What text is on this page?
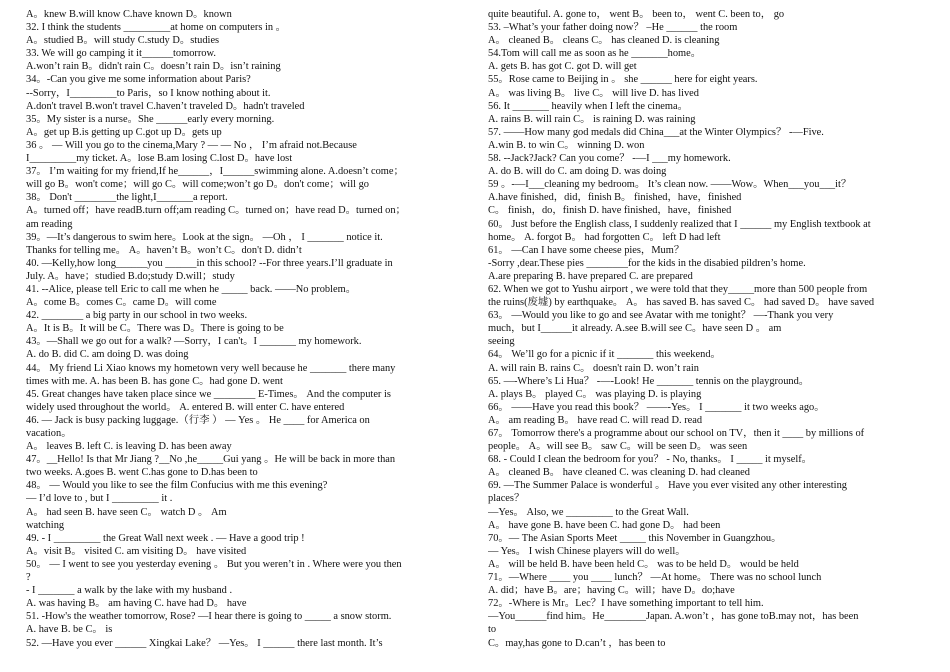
A。knew B.will know C.have known D。known
32. I think the students _________at home on computers in 。
A。studied B。will study C.study D。studies
33. We will go camping it it______tomorrow.
A.won’t rain B。didn't rain C。doesn’t rain D。isn’t raining
34。-Can you give me some information about Paris?
--Sorry，I_________to Paris，so I know nothing about it.
A.don't travel B.won't travel C.haven’t traveled D。hadn't traveled
35。My sister is a nurse。She ______early every morning.
A。get up B.is getting up C.got up D。gets up
36 。 — Will you go to the cinema,Mary ? — — No ， I’m afraid not.Because
I_________my ticket. A。lose B.am losing C.lost D。have lost
37。 I’m waiting for my friend,If he______，I______swimming alone. A.doesn’t come；
will go B。won't come；will go C。will come;won’t go D。don't come；will go
38。 Don't ________the light,I_______a report.
A。turned off；have readB.turn off;am reading C。turned on；have read D。turned on；
am reading
39。—It’s dangerous to swim here。Look at the sign。 —Oh ， I _______ notice it.
Thanks for telling me。 A。haven’t B。won’t C。don't D. didn’t
40. —Kelly,how long______you ______in this school? --For three years.I’ll graduate in
July. A。have；studied B.do;study D.will；study
41. --Alice, please tell Eric to call me when he _____ back. ——No problem。
A。come B。comes C。came D。will come
42. ________ a big party in our school in two weeks.
A。It is B。It will be C。There was D。There is going to be
43。—Shall we go out for a walk? —Sorry，I can't。I _______ my homework.
A. do B. did C. am doing D. was doing
44。 My friend Li Xiao knows my hometown very well because he _______ there many
times with me. A. has been B. has gone C。had gone D. went
45. Great changes have taken place since we ________ E-Times。 And the computer is
widely used throughout the world。 A. entered B. will enter C. have entered
46. — Jack is busy packing luggage.（行李 ） — Yes 。 He ____ for America on
vacation。
A。 leaves B. left C. is leaving D. has been away
47。__Hello! Is that Mr Jiang ?__No ,he_____Gui yang 。He will be back in more than
two weeks. A.goes B. went C.has gone to D.has been to
48。 — Would you like to see the film Confucius with me this evening?
— I’d love to , but I _________ it .
A。 had seen B. have seen C。 watch D 。 Am
watching
49. - I _________ the Great Wall next week . — Have a good trip !
A。visit B。 visited C. am visiting D。 have visited
50。 — I went to see you yesterday evening 。 But you weren’t in . Where were you then
?
- I _______ a walk by the lake with my husband .
A. was having B。 am having C. have had D。 have
51. -How's the weather tomorrow, Rose? —I hear there is going to _____ a snow storm.
A. have B. be C。 is
52. —Have you ever ______ Xingkai Lake？ —Yes。 I ______ there last month. It’s
quite beautiful. A. gone to， went B。 been to， went C. been to， go
53. –What’s your father doing now？ –He ______ the room
A。 cleaned B。 cleans C。 has cleaned D. is cleaning
54.Tom will call me as soon as he _______home。
A. gets B. has got C. got D. will get
55。Rose came to Beijing in 。 she ______ here for eight years.
A。 was living B。 live C。 will live D. has lived
56. It _______ heavily when I left the cinema。
A. rains B. will rain C。 is raining D. was raining
57. ——How many god medals did China___at the Winter Olympics？ -—Five.
A.win B. to win C。 winning D. won
58. --Jack?Jack? Can you come？ -—I ___my homework.
A. do B. will do C. am doing D. was doing
59 。-—I___cleaning my bedroom。 It’s clean now. ——Wow。When___you___it？
A.have finished，did，finish B。 finished，have，finished
C。 finish，do，finish D. have finished，have，finished
60。 Just before the English class, I suddenly realized that I ______ my English textbook at
home。 A. forgot B。 had forgotten C。 left D had left
61。 —Can I have some cheese pies，Mum？
-Sorry ,dear.These pies ________for the kids in the disabied pildren’s home.
A.are preparing B. have prepared C. are prepared
62. When we got to Yushu airport , we were told that they_____more than 500 people from
the ruins(废墟) by earthquake。 A。 has saved B. has saved C。 had saved D。 have saved
63。 —Would you like to go and see Avatar with me tonight？ —-Thank you very
much，but I______it already. A.see B.will see C。have seen D 。 am
seeing
64。 We’ll go for a picnic if it _______ this weekend。
A. will rain B. rains C。 doesn't rain D. won’t rain
65. —-Where’s Li Hua？ -—-Look! He _______ tennis on the playground。
A. plays B。 played C。 was playing D. is playing
66。 ——Have you read this book？ ——-Yes。 I _______ it two weeks ago。
A。 am reading B。 have read C. will read D. read
67。 Tomorrow there's a programme about our school on TV，then it ____ by millions of
people。 A。will see B。 saw C。will be seen D。 was seen
68. - Could I clean the bedroom for you？ - No, thanks。 I _____ it myself。
A。 cleaned B。 have cleaned C. was cleaning D. had cleaned
69. —The Summer Palace is wonderful 。 Have you ever visited any other interesting
places？
—Yes。 Also, we _________ to the Great Wall.
A。 have gone B. have been C. had gone D。 had been
70。— The Asian Sports Meet _____ this November in Guangzhou。
— Yes。 I wish Chinese players will do well。
A。 will be held B. have been held C。 was to be held D。 would be held
71。—Where ____ you ____ lunch？ —At home。 There was no school lunch
A. did；have B。are；having C。will；have D。do;have
72。-Where is Mr。Lec？I have something important to tell him.
—You______find him。He________Japan. A.won’t ，has gone toB.may not，has been
to
C。may,has gone to D.can’t ，has been to
